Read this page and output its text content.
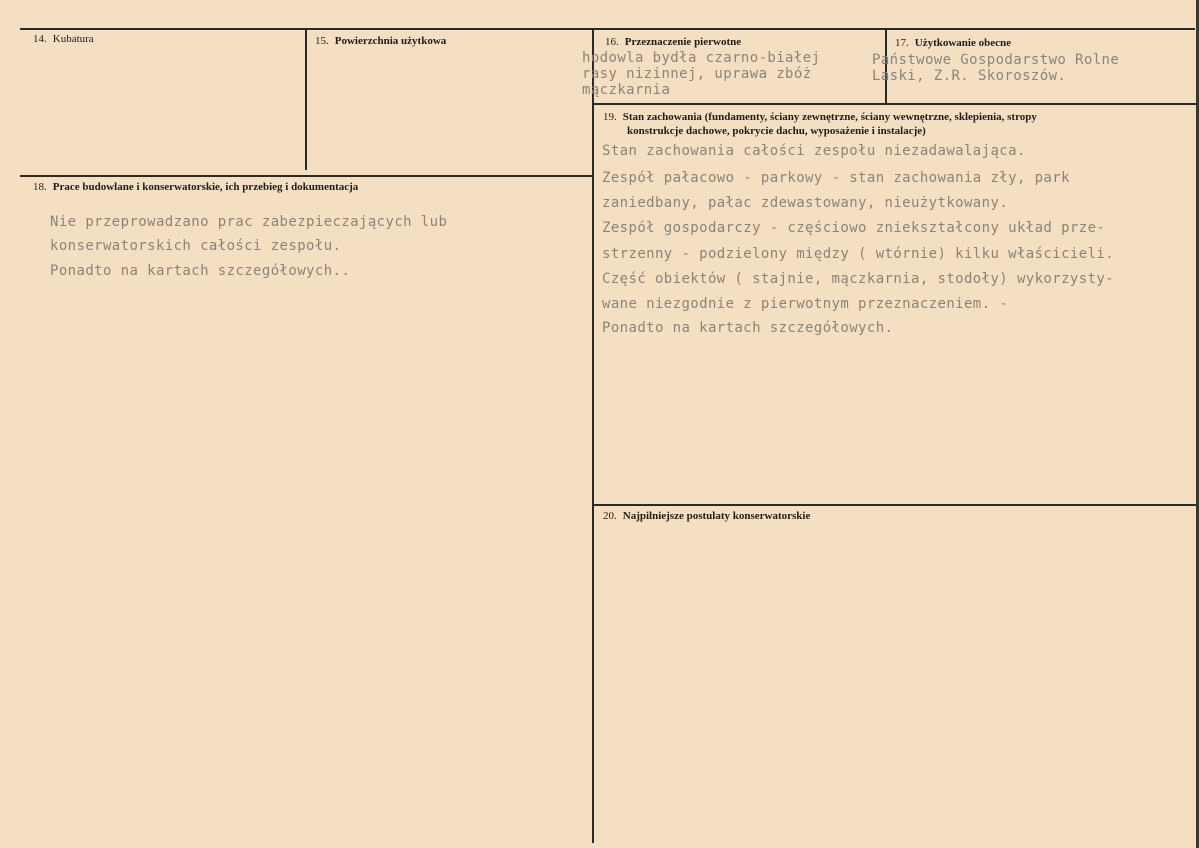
14. Kubatura	15. Powierzchnia użytkowa	16. Przeznaczenie pierwotne
hodowla bydła czarno-białej
rasy nizinnej, uprawa zbóż
mączkarnia
17. Użytkowanie obecne
Państwowe Gospodarstwo Rolne
Laski, Z.R. Skoroszów.
18. Prace budowlane i konserwatorskie, ich przebieg i dokumentacja
Nie przeprowadzano prac zabezpieczających lub
konserwatorskich całości zespołu.
Ponadto na kartach szczegółowych..
19. Stan zachowania (fundamenty, ściany zewnętrzne, ściany wewnętrzne, sklepienia, stropy
konstrukcje dachowe, pokrycie dachu, wyposażenie i instalacje)
Stan zachowania całości zespołu niezadawalająca.
Zespół pałacowo - parkowy - stan zachowania zły, park
zaniedbany, pałac zdewastowany, nieużytkowany.
Zespół gospodarczy - częściowo zniekształcony układ prze-
strzenny - podzielony między ( wtórnie) kilku właścicieli.
Część obiektów ( stajnie, mączkarnia, stodoły) wykorzysty-
wane niezgodnie z pierwotnym przeznaczeniem. -
Ponadto na kartach szczegółowych.
20. Najpilniejsze postulaty konserwatorskie
